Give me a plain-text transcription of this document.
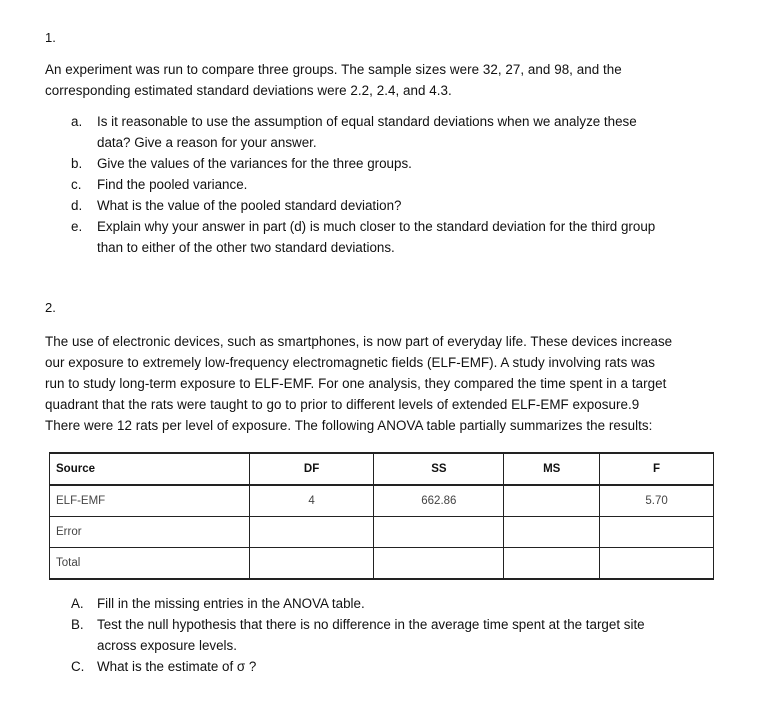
1.
An experiment was run to compare three groups. The sample sizes were 32, 27, and 98, and the
corresponding estimated standard deviations were 2.2, 2.4, and 4.3.
a. Is it reasonable to use the assumption of equal standard deviations when we analyze these
data? Give a reason for your answer.
b. Give the values of the variances for the three groups.
c. Find the pooled variance.
d. What is the value of the pooled standard deviation?
e. Explain why your answer in part (d) is much closer to the standard deviation for the third group
than to either of the other two standard deviations.
2.
The use of electronic devices, such as smartphones, is now part of everyday life. These devices increase
our exposure to extremely low-frequency electromagnetic fields (ELF-EMF). A study involving rats was
run to study long-term exposure to ELF-EMF. For one analysis, they compared the time spent in a target
quadrant that the rats were taught to go to prior to different levels of extended ELF-EMF exposure.9
There were 12 rats per level of exposure. The following ANOVA table partially summarizes the results:
Source	DF	SS	MS	F
ELF-EMF	4	662.86		5.70
Error				
Total				
A. Fill in the missing entries in the ANOVA table.
B. Test the null hypothesis that there is no difference in the average time spent at the target site
across exposure levels.
C. What is the estimate of σ ?
